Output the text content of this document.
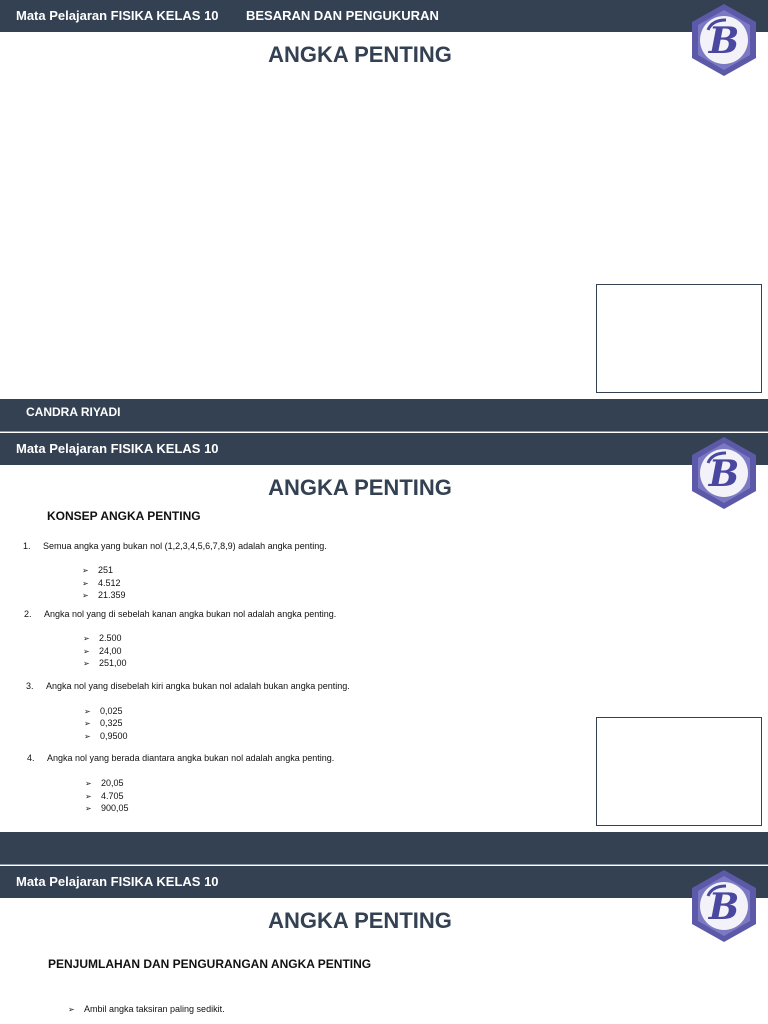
Mata Pelajaran FISIKA KELAS 10 BESARAN DAN PENGUKURAN
B
ANGKA PENTING
CANDRA RIYADI
Mata Pelajaran FISIKA KELAS 10
B
ANGKA PENTING
KONSEP ANGKA PENTING
1. Semua angka yang bukan nol (1,2,3,4,5,6,7,8,9) adalah angka penting.
➢ 251
➢ 4.512
➢ 21.359
2. Angka nol yang di sebelah kanan angka bukan nol adalah angka penting.
➢ 2.500
➢ 24,00
➢ 251,00
3. Angka nol yang disebelah kiri angka bukan nol adalah bukan angka penting.
➢ 0,025
➢ 0,325
➢ 0,9500
4. Angka nol yang berada diantara angka bukan nol adalah angka penting.
➢ 20,05
➢ 4.705
➢ 900,05
Mata Pelajaran FISIKA KELAS 10
B
ANGKA PENTING
PENJUMLAHAN DAN PENGURANGAN ANGKA PENTING
➢ Ambil angka taksiran paling sedikit.
